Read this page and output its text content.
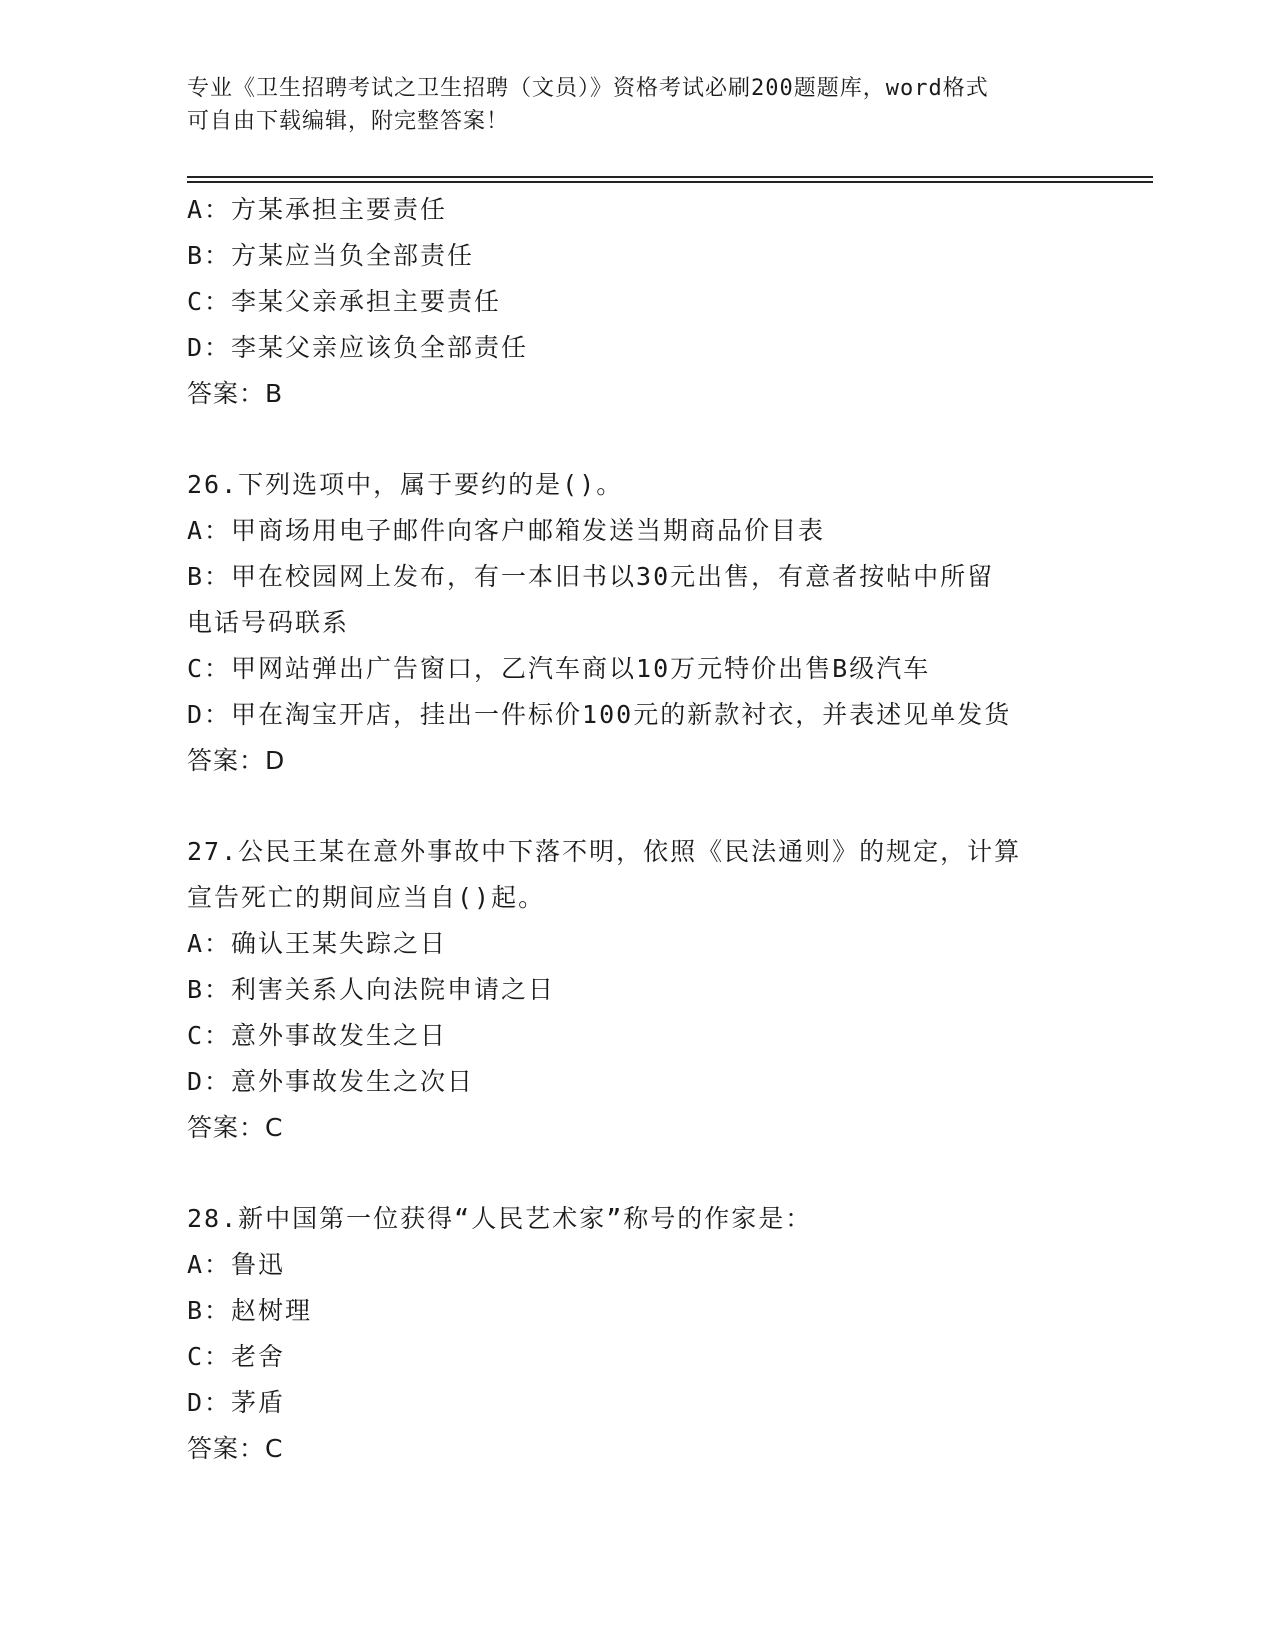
专业《卫生招聘考试之卫生招聘（文员）》资格考试必刷200题题库，word格式
可自由下载编辑，附完整答案！
A：方某承担主要责任
B：方某应当负全部责任
C：李某父亲承担主要责任
D：李某父亲应该负全部责任
答案：B
26.下列选项中，属于要约的是()。
A：甲商场用电子邮件向客户邮箱发送当期商品价目表
B：甲在校园网上发布，有一本旧书以30元出售，有意者按帖中所留
电话号码联系
C：甲网站弹出广告窗口，乙汽车商以10万元特价出售B级汽车
D：甲在淘宝开店，挂出一件标价100元的新款衬衣，并表述见单发货
答案：D
27.公民王某在意外事故中下落不明，依照《民法通则》的规定，计算
宣告死亡的期间应当自()起。
A：确认王某失踪之日
B：利害关系人向法院申请之日
C：意外事故发生之日
D：意外事故发生之次日
答案：C
28.新中国第一位获得“人民艺术家”称号的作家是：
A：鲁迅
B：赵树理
C：老舍
D：茅盾
答案：C
